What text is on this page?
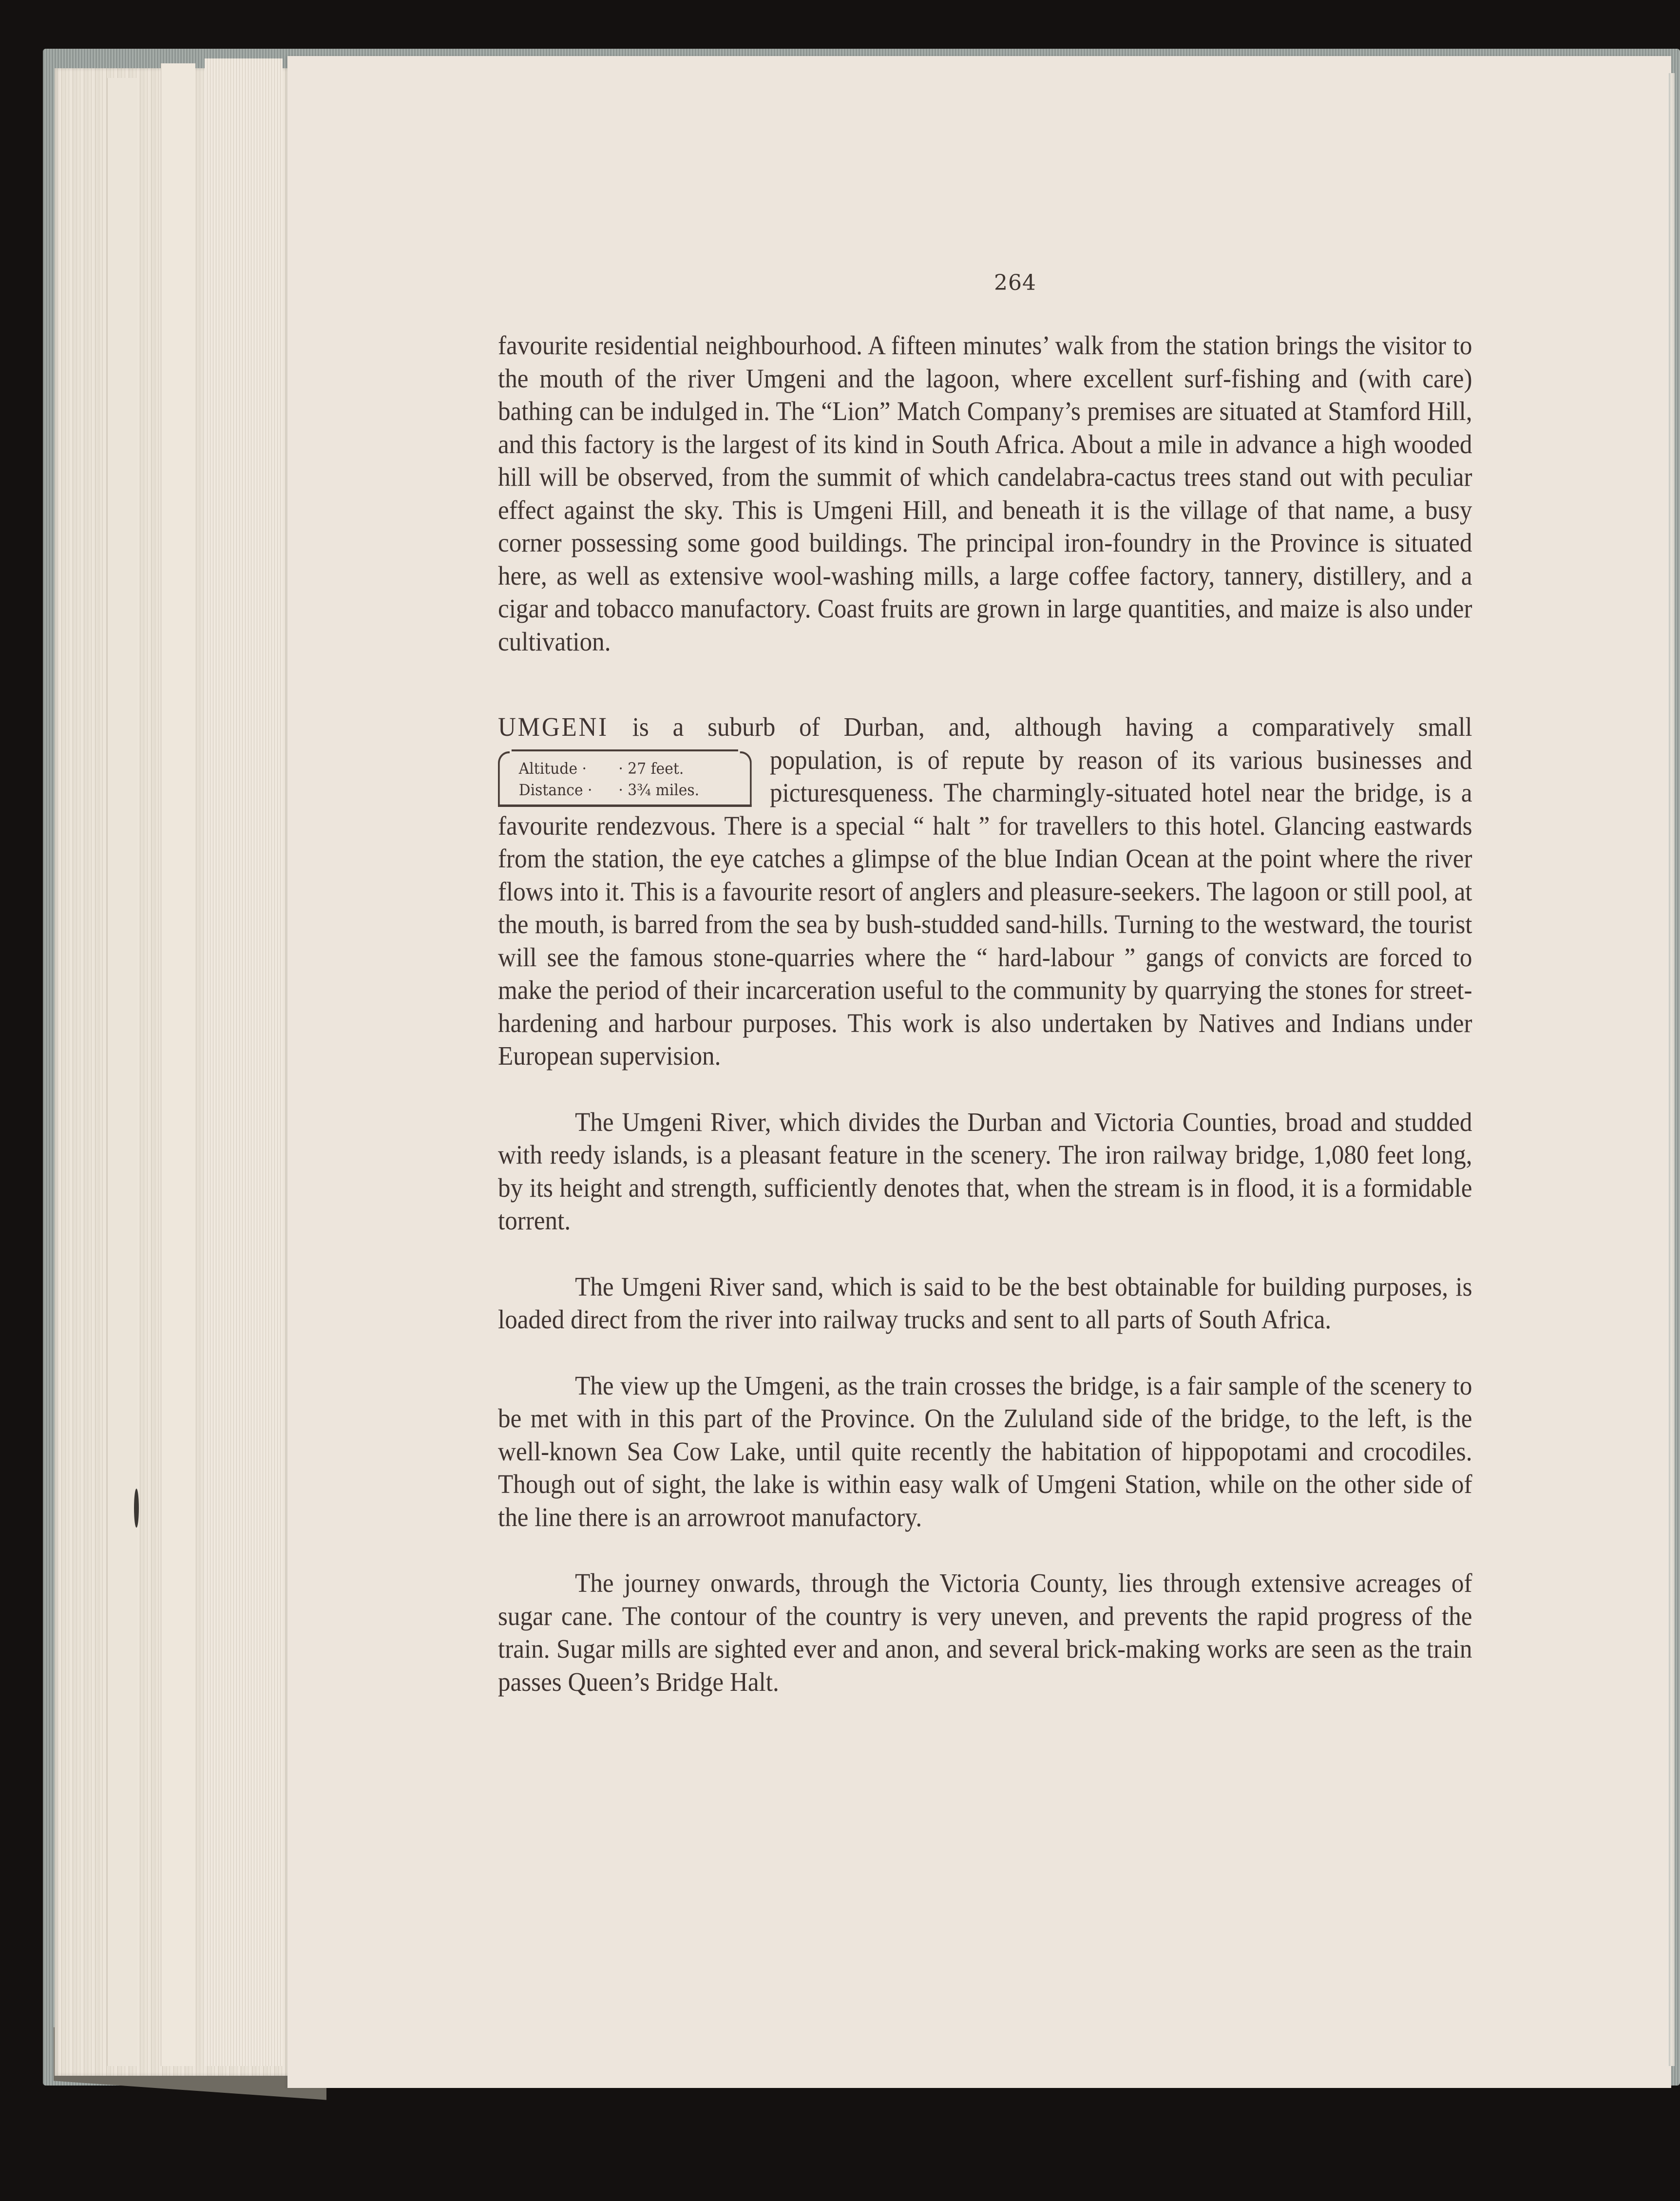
264

favourite residential neighbourhood. A fifteen minutes’ walk from the station brings the visitor to the mouth of the river Umgeni and the lagoon, where excellent surf-fishing and (with care) bathing can be indulged in. The “Lion” Match Company’s premises are situated at Stamford Hill, and this factory is the largest of its kind in South Africa. About a mile in advance a high wooded hill will be observed, from the summit of which candelabra-cactus trees stand out with peculiar effect against the sky. This is Umgeni Hill, and beneath it is the village of that name, a busy corner possessing some good buildings. The principal iron-foundry in the Province is situated here, as well as extensive wool-washing mills, a large coffee factory, tannery, distillery, and a cigar and tobacco manufactory. Coast fruits are grown in large quantities, and maize is also under cultivation.

UMGENI is a suburb of Durban, and, although having a comparatively small

Altitude ·	· 27 feet.
Distance ·	· 3¾ miles.

population, is of repute by reason of its various businesses and picturesqueness. The charmingly-situated hotel near the bridge, is a favourite rendezvous. There is a special “ halt ” for travellers to this hotel. Glancing eastwards from the station, the eye catches a glimpse of the blue Indian Ocean at the point where the river flows into it. This is a favourite resort of anglers and pleasure-seekers. The lagoon or still pool, at the mouth, is barred from the sea by bush-studded sand-hills. Turning to the westward, the tourist will see the famous stone-quarries where the “ hard-labour ” gangs of convicts are forced to make the period of their incarceration useful to the community by quarrying the stones for street-hardening and harbour purposes. This work is also undertaken by Natives and Indians under European supervision.

The Umgeni River, which divides the Durban and Victoria Counties, broad and studded with reedy islands, is a pleasant feature in the scenery. The iron railway bridge, 1,080 feet long, by its height and strength, sufficiently denotes that, when the stream is in flood, it is a formidable torrent.

The Umgeni River sand, which is said to be the best obtainable for building purposes, is loaded direct from the river into railway trucks and sent to all parts of South Africa.

The view up the Umgeni, as the train crosses the bridge, is a fair sample of the scenery to be met with in this part of the Province. On the Zululand side of the bridge, to the left, is the well-known Sea Cow Lake, until quite recently the habitation of hippopotami and crocodiles. Though out of sight, the lake is within easy walk of Umgeni Station, while on the other side of the line there is an arrowroot manufactory.

The journey onwards, through the Victoria County, lies through extensive acreages of sugar cane. The contour of the country is very uneven, and prevents the rapid progress of the train. Sugar mills are sighted ever and anon, and several brick-making works are seen as the train passes Queen’s Bridge Halt.
